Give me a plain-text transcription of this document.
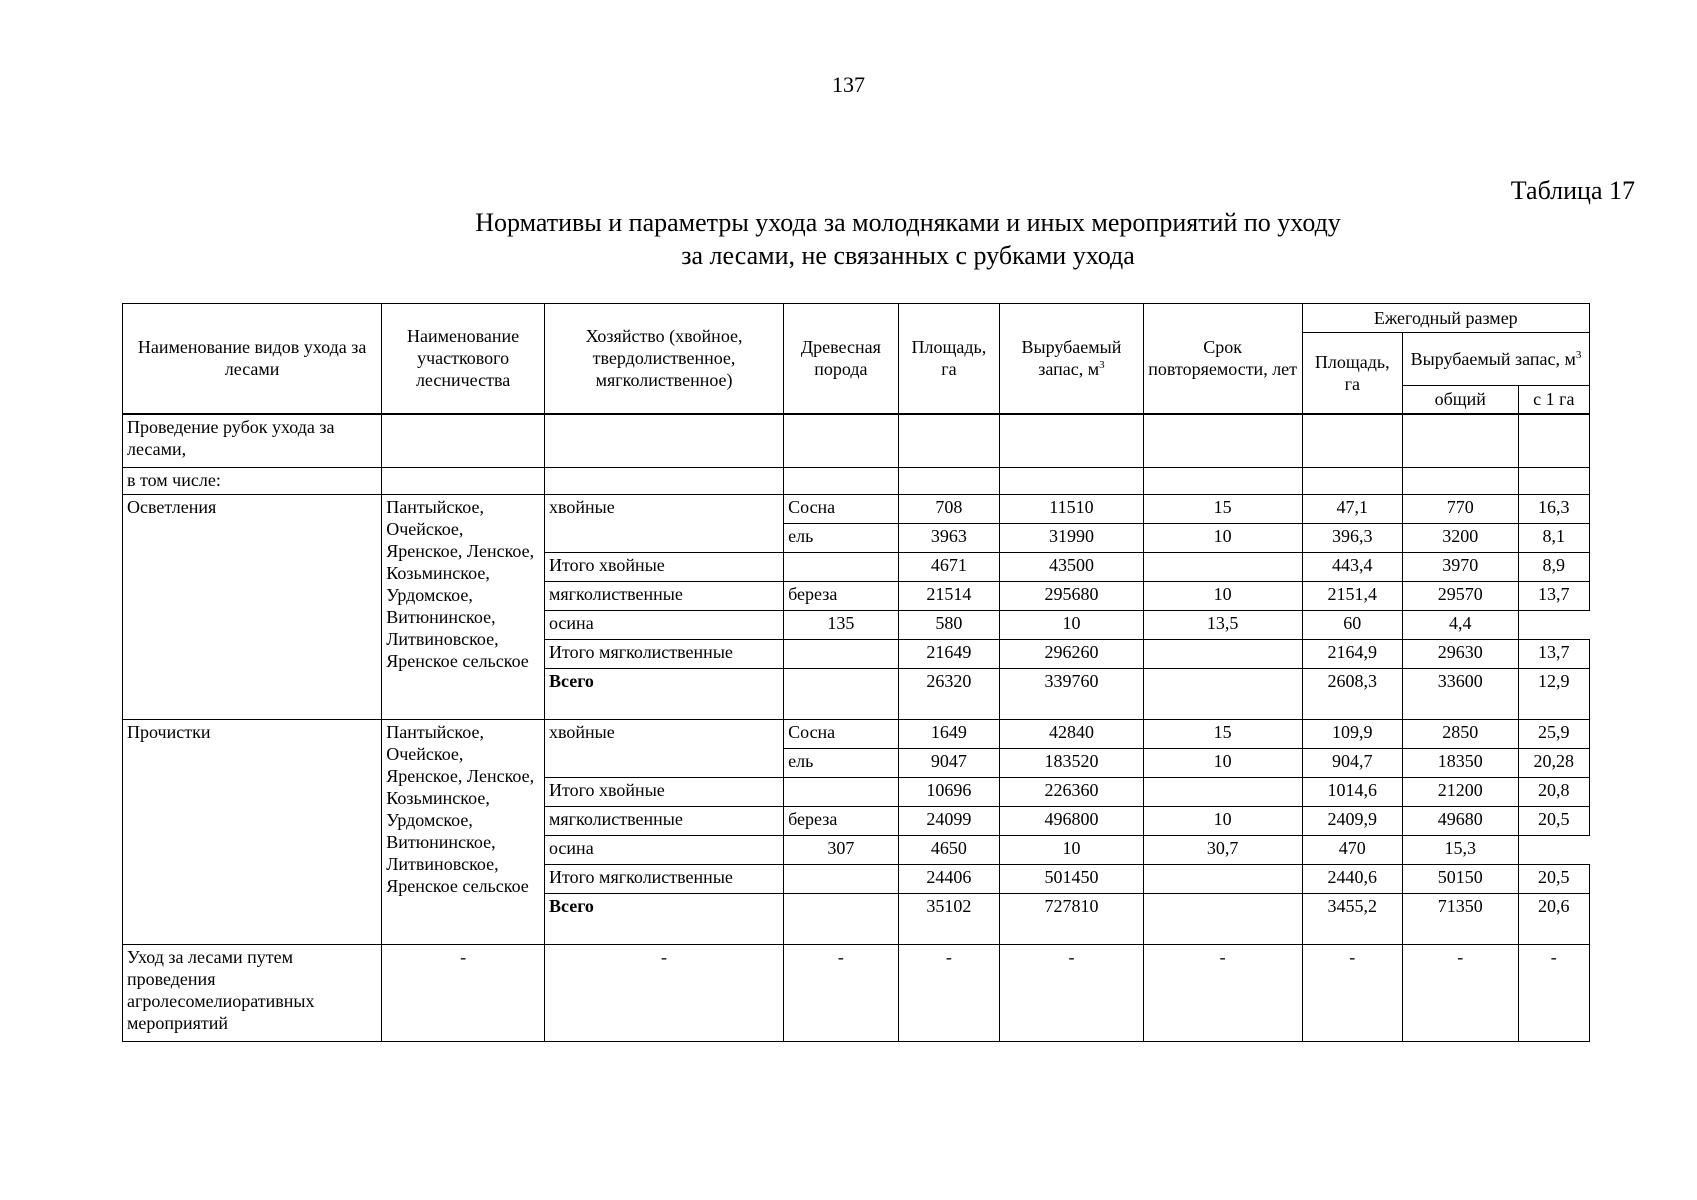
137
Таблица 17
Нормативы и параметры ухода за молодняками и иных мероприятий по уходу
за лесами, не связанных с рубками ухода
Наименование видов ухода за лесами	Наименование участкового лесничества	Хозяйство (хвойное, твердолиственное, мягколиственное)	Древесная порода	Площадь, га	Вырубаемый запас, $м^3$	Срок повторяемости, лет	Ежегодный размер		
							Площадь, га	Вырубаемый запас, $м^3$
								общий	с 1 га
Проведение рубок ухода за лесами,									
в том числе:									
Осветления	Пантыйское, Очейское, Яренское, Ленское, Козьминское, Урдомское, Витюнинское, Литвиновское, Яренское сельское	хвойные	Сосна	708	11510	15	47,1	770	16,3
			ель	3963	31990	10	396,3	3200	8,1
		Итого хвойные		4671	43500		443,4	3970	8,9
		мягколиственные	береза	21514	295680	10	2151,4	29570	13,7
		осина	135	580	10	13,5	60	4,4	
		Итого мягколиственные		21649	296260		2164,9	29630	13,7
		Всего		26320	339760		2608,3	33600	12,9
Прочистки	Пантыйское, Очейское, Яренское, Ленское, Козьминское, Урдомское, Витюнинское, Литвиновское, Яренское сельское	хвойные	Сосна	1649	42840	15	109,9	2850	25,9
			ель	9047	183520	10	904,7	18350	20,28
		Итого хвойные		10696	226360		1014,6	21200	20,8
		мягколиственные	береза	24099	496800	10	2409,9	49680	20,5
		осина	307	4650	10	30,7	470	15,3	
		Итого мягколиственные		24406	501450		2440,6	50150	20,5
		Всего		35102	727810		3455,2	71350	20,6
Уход за лесами путем проведения агролесомелиоративных мероприятий	-	-	-	-	-	-	-	-	-
